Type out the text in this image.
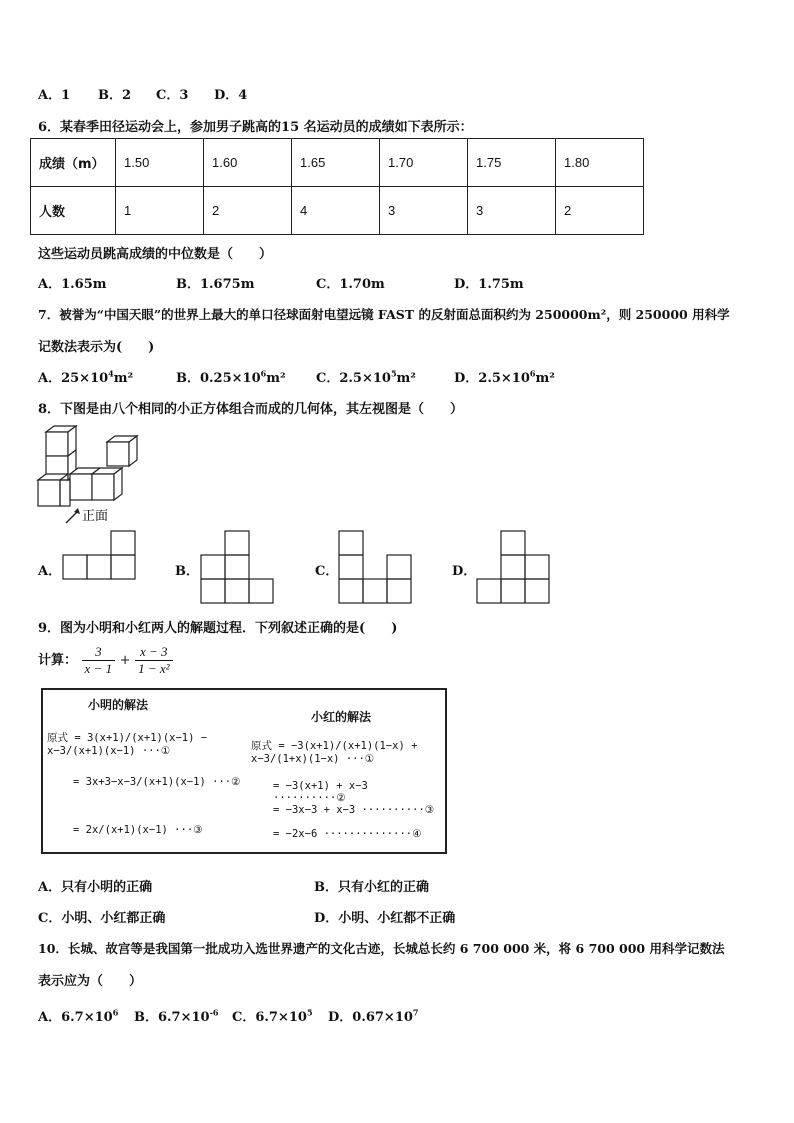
A．1 B．2 C．3 D．4
6．某春季田径运动会上，参加男子跳高的15 名运动员的成绩如下表所示：
成绩（m）	1.50	1.60	1.65	1.70	1.75	1.80
人数	1	2	4	3	3	2
这些运动员跳高成绩的中位数是（　　）
A．1.65m	B．1.675m	C．1.70m	D．1.75m
7．被誉为“中国天眼”的世界上最大的单口径球面射电望远镜 FAST 的反射面总面积约为 250000m²，则 250000 用科学
记数法表示为(　　)
A．$25\times 10^4m^2$	B．$0.25\times 10^6m^2$ C．$2.5\times 10^5m^2$	D．$2.5\times 10^6m^2$
8．下图是由八个相同的小正方体组合而成的几何体，其左视图是（　　）
正面
A．	B．	C．	D．
9．图为小明和小红两人的解题过程．下列叙述正确的是(　　)
计算： $\frac{3}{x - 1} + \frac{x - 3}{\text{1 − x²}}$
小明的解法
小红的解法
原式 = 3(x+1)/(x+1)(x−1) − x−3/(x+1)(x−1) ···①
= 3x+3−x−3/(x+1)(x−1) ···②
= 2x/(x+1)(x−1) ···③
原式 = −3(x+1)/(x+1)(1−x) + x−3/(1+x)(1−x) ···①
= −3(x+1) + x−3 ··········②
= −3x−3 + x−3 ··········③
= −2x−6 ··············④
A．只有小明的正确	B．只有小红的正确
C．小明、小红都正确	D．小明、小红都不正确
10．长城、故宫等是我国第一批成功入选世界遗产的文化古迹，长城总长约 6 700 000 米，将 6 700 000 用科学记数法
表示应为（　　）
A．$6.7\times 10^6$ B．$6.7\times 10^{-6}$ C．$6.7\times 10^5$ D．$0.67\times 10^7$
